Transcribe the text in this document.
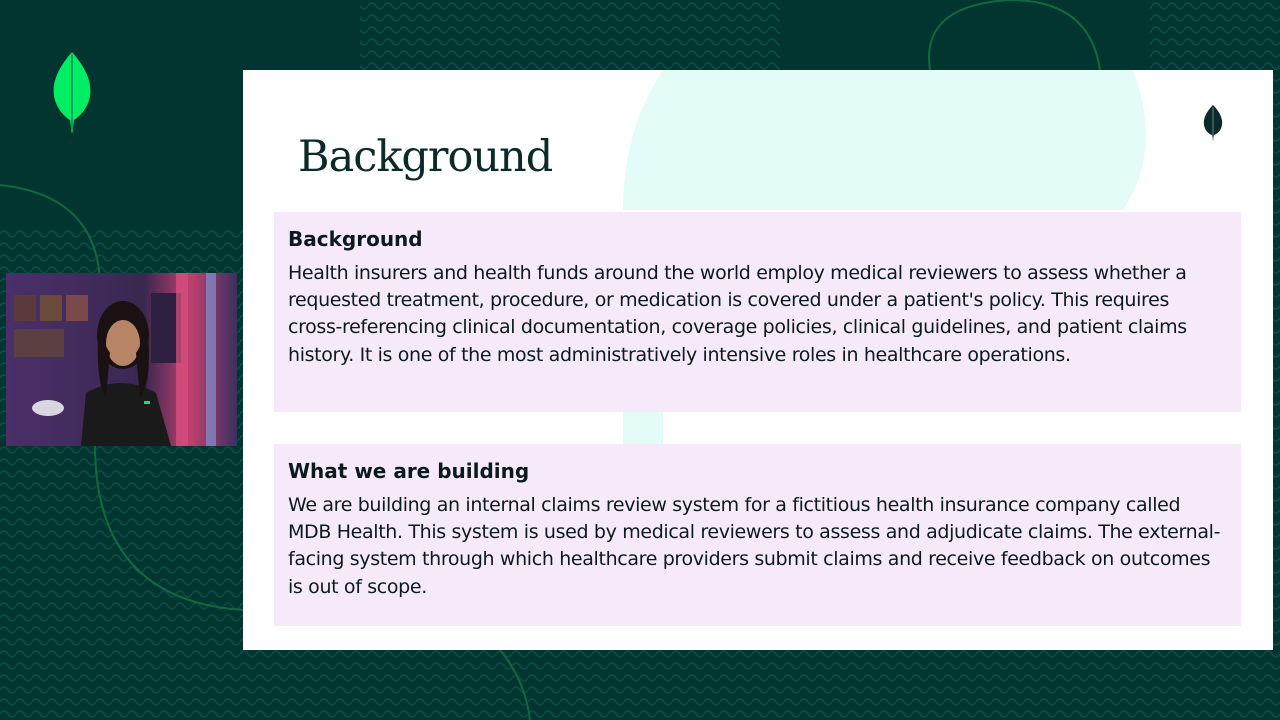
Background
Background

Health insurers and health funds around the world employ medical reviewers to assess whether a requested treatment, procedure, or medication is covered under a patient's policy. This requires cross-referencing clinical documentation, coverage policies, clinical guidelines, and patient claims history. It is one of the most administratively intensive roles in healthcare operations.

What we are building

We are building an internal claims review system for a fictitious health insurance company called MDB Health. This system is used by medical reviewers to assess and adjudicate claims. The external-facing system through which healthcare providers submit claims and receive feedback on outcomes is out of scope.
